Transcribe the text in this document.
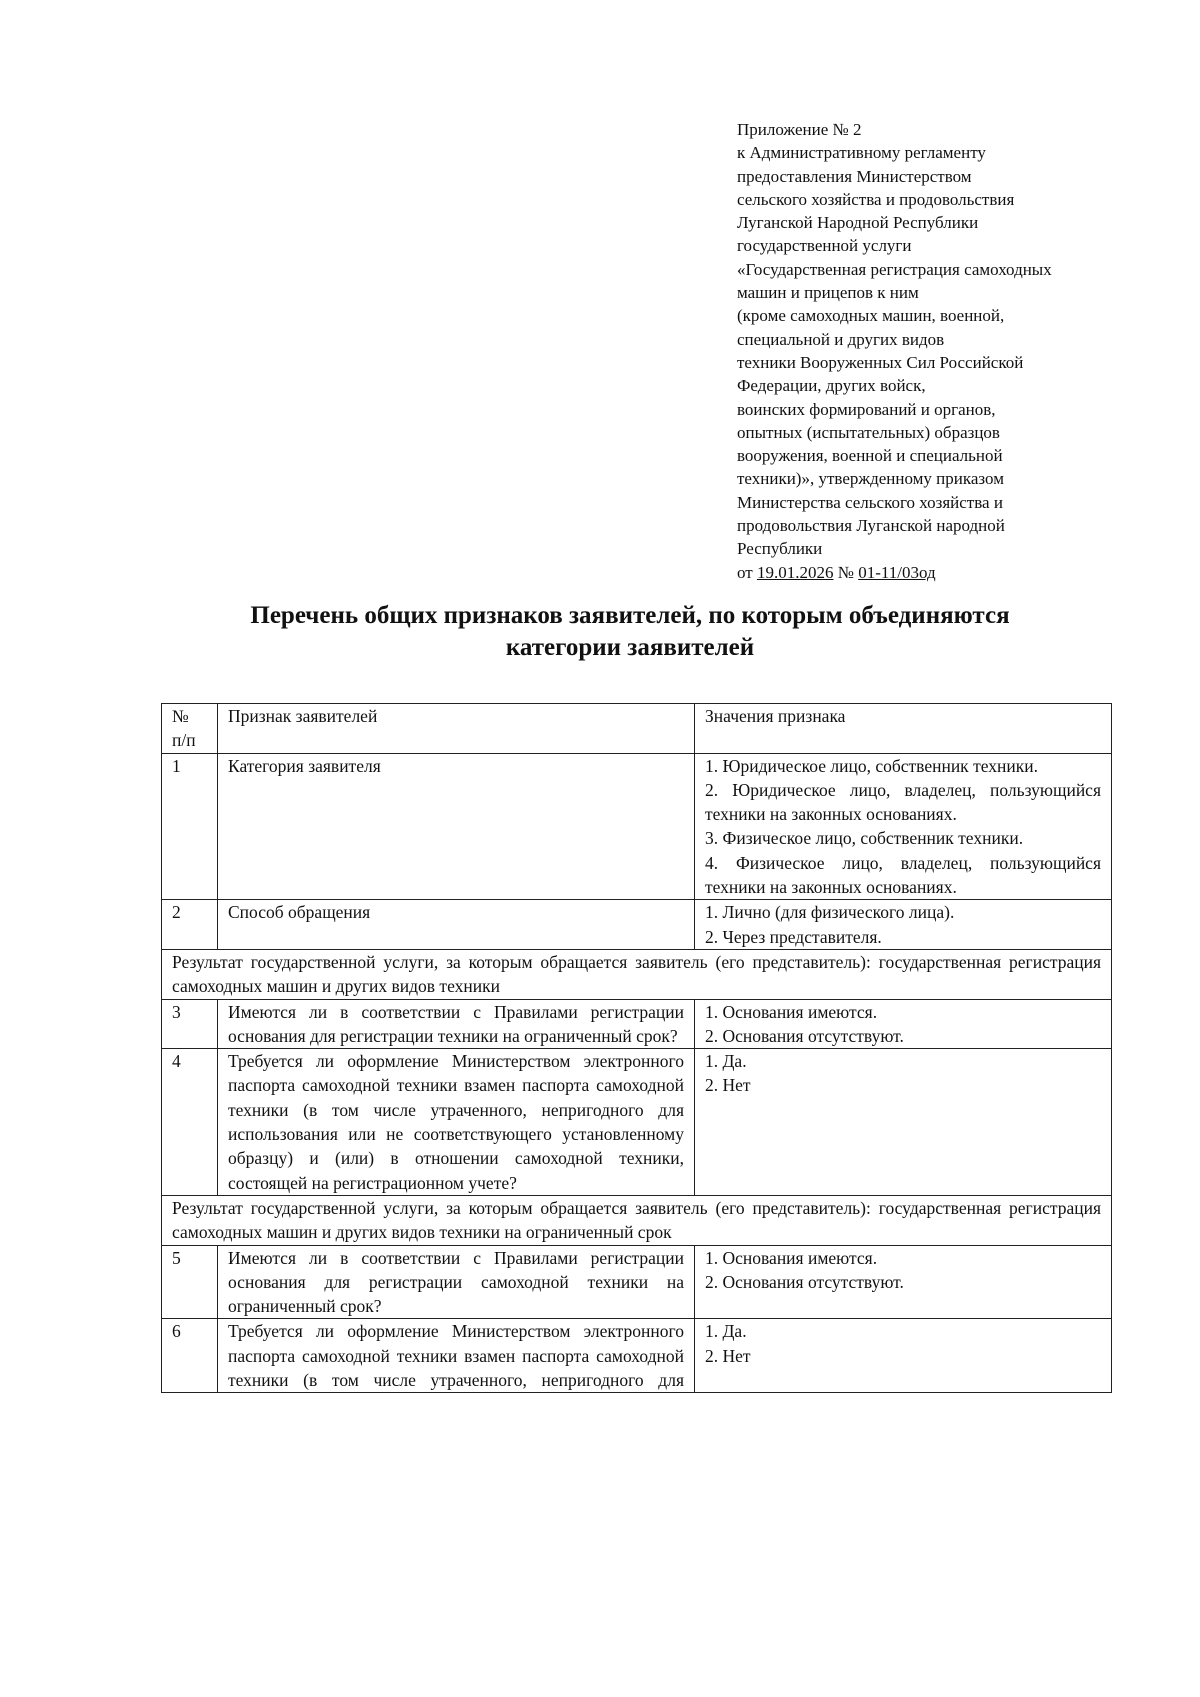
Приложение № 2
к Административному регламенту
предоставления Министерством
сельского хозяйства и продовольствия
Луганской Народной Республики
государственной услуги
«Государственная регистрация самоходных
машин и прицепов к ним
(кроме самоходных машин, военной,
специальной и других видов
техники Вооруженных Сил Российской
Федерации, других войск,
воинских формирований и органов,
опытных (испытательных) образцов
вооружения, военной и специальной
техники)», утвержденному приказом
Министерства сельского хозяйства и
продовольствия Луганской народной
Республики
от 19.01.2026 № 01-11/03од
Перечень общих признаков заявителей, по которым объединяются
категории заявителей
№ п/п	Признак заявителей	Значения признака
1	Категория заявителя	1. Юридическое лицо, собственник техники.
2. Юридическое лицо, владелец, пользующийся техники на законных основаниях.
3. Физическое лицо, собственник техники.
4. Физическое лицо, владелец, пользующийся техники на законных основаниях.

2	Способ обращения	1. Лично (для физического лица).
2. Через представителя.

Результат государственной услуги, за которым обращается заявитель (его представитель): государственная регистрация самоходных машин и других видов техники		
3	Имеются ли в соответствии с Правилами регистрации основания для регистрации техники на ограниченный срок?	1. Основания имеются.
2. Основания отсутствуют.

4	Требуется ли оформление Министерством электронного паспорта самоходной техники взамен паспорта самоходной техники (в том числе утраченного, непригодного для использования или не соответствующего установленному образцу) и (или) в отношении самоходной техники, состоящей на регистрационном учете?	1. Да.
2. Нет

Результат государственной услуги, за которым обращается заявитель (его представитель): государственная регистрация самоходных машин и других видов техники на ограниченный срок		
5	Имеются ли в соответствии с Правилами регистрации основания для регистрации самоходной техники на ограниченный срок?	1. Основания имеются.
2. Основания отсутствуют.

6	Требуется ли оформление Министерством электронного паспорта самоходной техники взамен паспорта самоходной техники (в том числе утраченного, непригодного для	1. Да.
2. Нет
